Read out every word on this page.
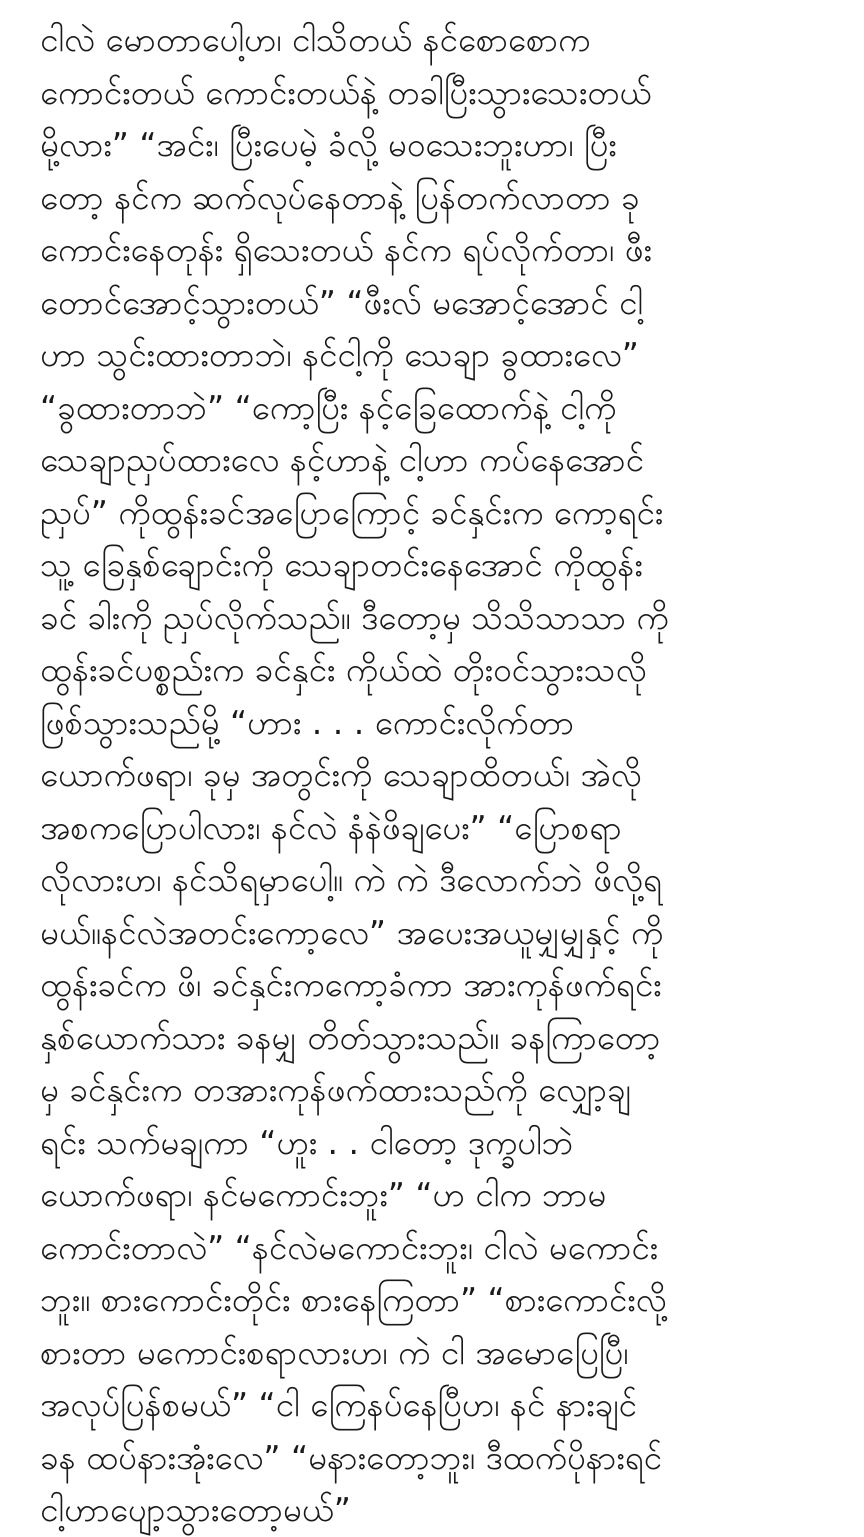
ငါလဲ မောတာပေါ့ဟ၊ ငါသိတယ် နင်စောစောက
ကောင်းတယ် ကောင်းတယ်နဲ့ တခါပြီးသွားသေးတယ်
မို့လား” “အင်း၊ ပြီးပေမဲ့ ခံလို့ မဝသေးဘူးဟာ၊ ပြီး
တော့ နင်က ဆက်လုပ်နေတာနဲ့ ပြန်တက်လာတာ ခု
ကောင်းနေတုန်း ရှိသေးတယ် နင်က ရပ်လိုက်တာ၊ ဖီး
တောင်အောင့်သွားတယ်” “ဖီးလ် မအောင့်အောင် ငါ့
ဟာ သွင်းထားတာဘဲ၊ နင်ငါ့ကို သေချာ ခွထားလေ”
“ခွထားတာဘဲ” “ကော့ပြီး နင့်ခြေထောက်နဲ့ ငါ့ကို
သေချာညှပ်ထားလေ နင့်ဟာနဲ့ ငါ့ဟာ ကပ်နေအောင်
ညှပ်” ကိုထွန်းခင်အပြောကြောင့် ခင်နှင်းက ကော့ရင်း
သူ့ ခြေနှစ်ချောင်းကို သေချာတင်းနေအောင် ကိုထွန်း
ခင် ခါးကို ညှပ်လိုက်သည်။ ဒီတော့မှ သိသိသာသာ ကို
ထွန်းခင်ပစ္စည်းက ခင်နှင်း ကိုယ်ထဲ တိုးဝင်သွားသလို
ဖြစ်သွားသည်မို့ “ဟား . . . ကောင်းလိုက်တာ
ယောက်ဖရာ၊ ခုမှ အတွင်းကို သေချာထိတယ်၊ အဲလို
အစကပြောပါလား၊ နင်လဲ နံနဲဖိချပေး” “ပြောစရာ
လိုလားဟ၊ နင်သိရမှာပေါ့။ ကဲ ကဲ ဒီလောက်ဘဲ ဖိလို့ရ
မယ်။နင်လဲအတင်းကော့လေ” အပေးအယူမျှမျှနှင့် ကို
ထွန်းခင်က ဖိ၊ ခင်နှင်းကကော့ခံကာ အားကုန်ဖက်ရင်း
နှစ်ယောက်သား ခနမျှ တိတ်သွားသည်။ ခနကြာတော့
မှ ခင်နှင်းက တအားကုန်ဖက်ထားသည်ကို လျှော့ချ
ရင်း သက်မချကာ “ဟူး . . ငါတော့ ဒုက္ခပါဘဲ
ယောက်ဖရာ၊ နင်မကောင်းဘူး” “ဟ ငါက ဘာမ
ကောင်းတာလဲ” “နင်လဲမကောင်းဘူး၊ ငါလဲ မကောင်း
ဘူး။ စားကောင်းတိုင်း စားနေကြတာ” “စားကောင်းလို့
စားတာ မကောင်းစရာလားဟ၊ ကဲ ငါ အမောပြေပြီ၊
အလုပ်ပြန်စမယ်” “ငါ ကြေနပ်နေပြီဟ၊ နင် နားချင်
ခန ထပ်နားအုံးလေ” “မနားတော့ဘူး၊ ဒီထက်ပိုနားရင်
ငါ့ဟာပျော့သွားတော့မယ်”
